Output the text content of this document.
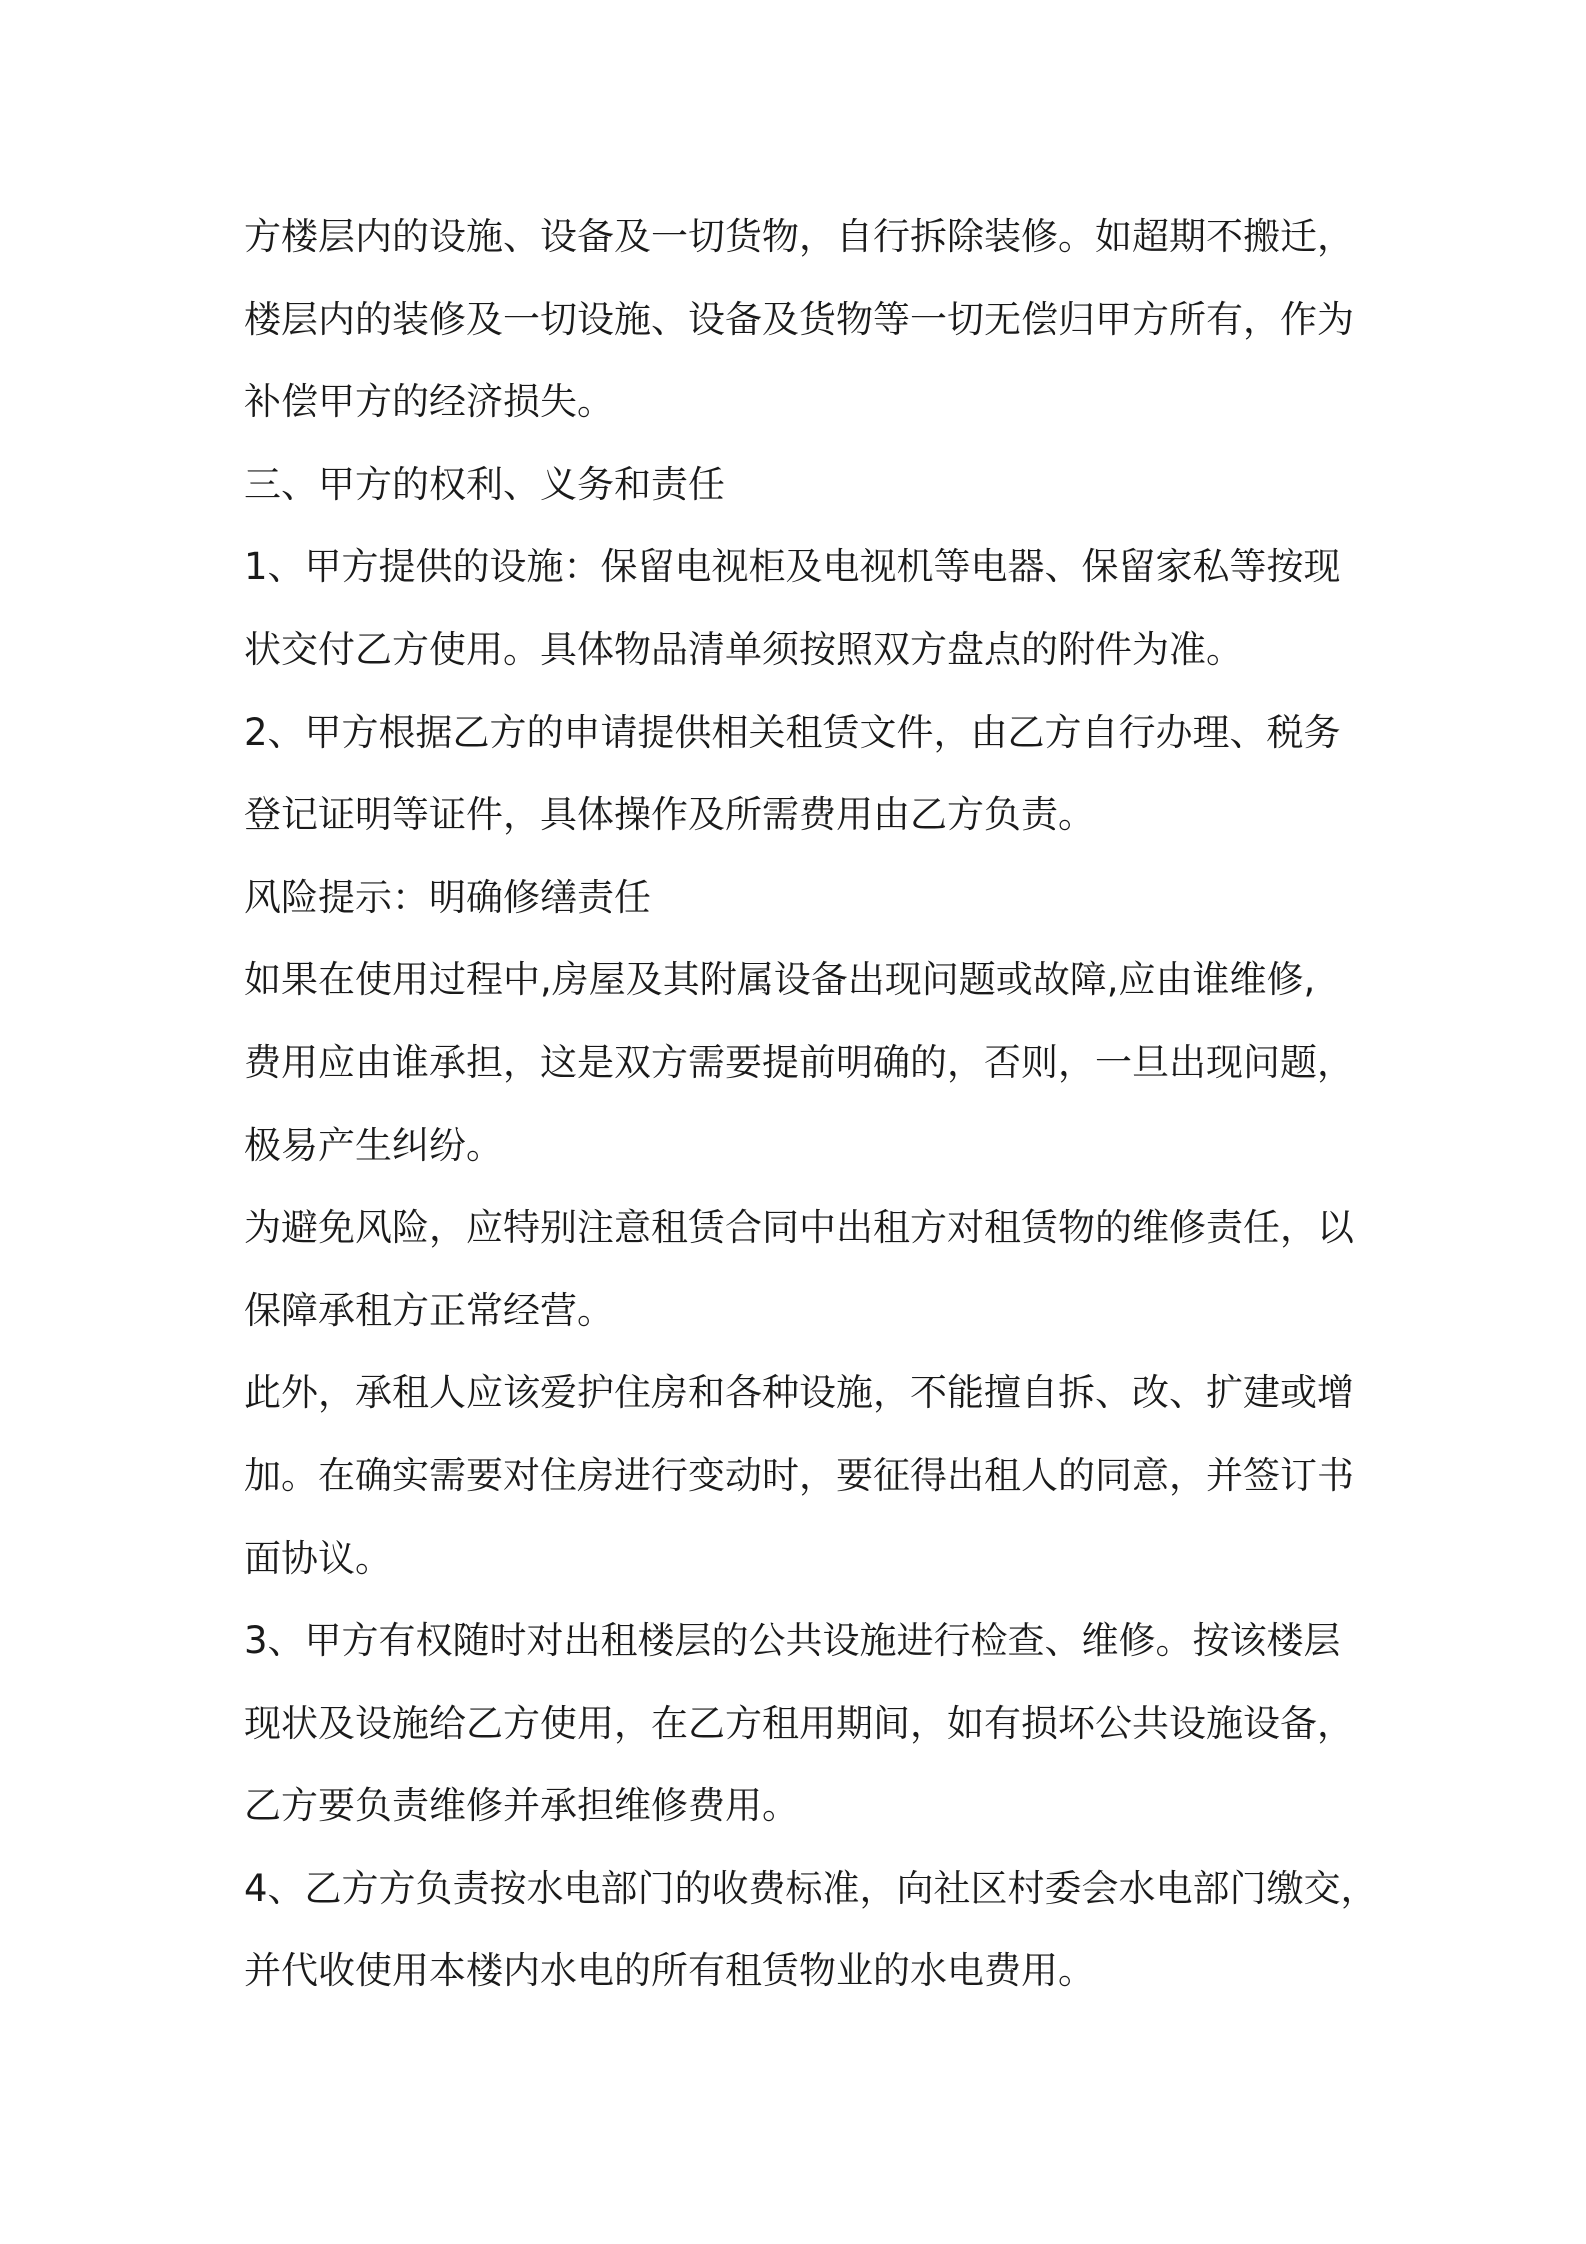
方楼层内的设施、设备及一切货物，自行拆除装修。如超期不搬迁，
楼层内的装修及一切设施、设备及货物等一切无偿归甲方所有，作为
补偿甲方的经济损失。
三、甲方的权利、义务和责任
1、甲方提供的设施：保留电视柜及电视机等电器、保留家私等按现
状交付乙方使用。具体物品清单须按照双方盘点的附件为准。
2、甲方根据乙方的申请提供相关租赁文件，由乙方自行办理、税务
登记证明等证件，具体操作及所需费用由乙方负责。
风险提示：明确修缮责任
如果在使用过程中,房屋及其附属设备出现问题或故障,应由谁维修,
费用应由谁承担，这是双方需要提前明确的，否则，一旦出现问题，
极易产生纠纷。
为避免风险，应特别注意租赁合同中出租方对租赁物的维修责任，以
保障承租方正常经营。
此外，承租人应该爱护住房和各种设施，不能擅自拆、改、扩建或增
加。在确实需要对住房进行变动时，要征得出租人的同意，并签订书
面协议。
3、甲方有权随时对出租楼层的公共设施进行检查、维修。按该楼层
现状及设施给乙方使用，在乙方租用期间，如有损坏公共设施设备，
乙方要负责维修并承担维修费用。
4、乙方方负责按水电部门的收费标准，向社区村委会水电部门缴交，
并代收使用本楼内水电的所有租赁物业的水电费用。
